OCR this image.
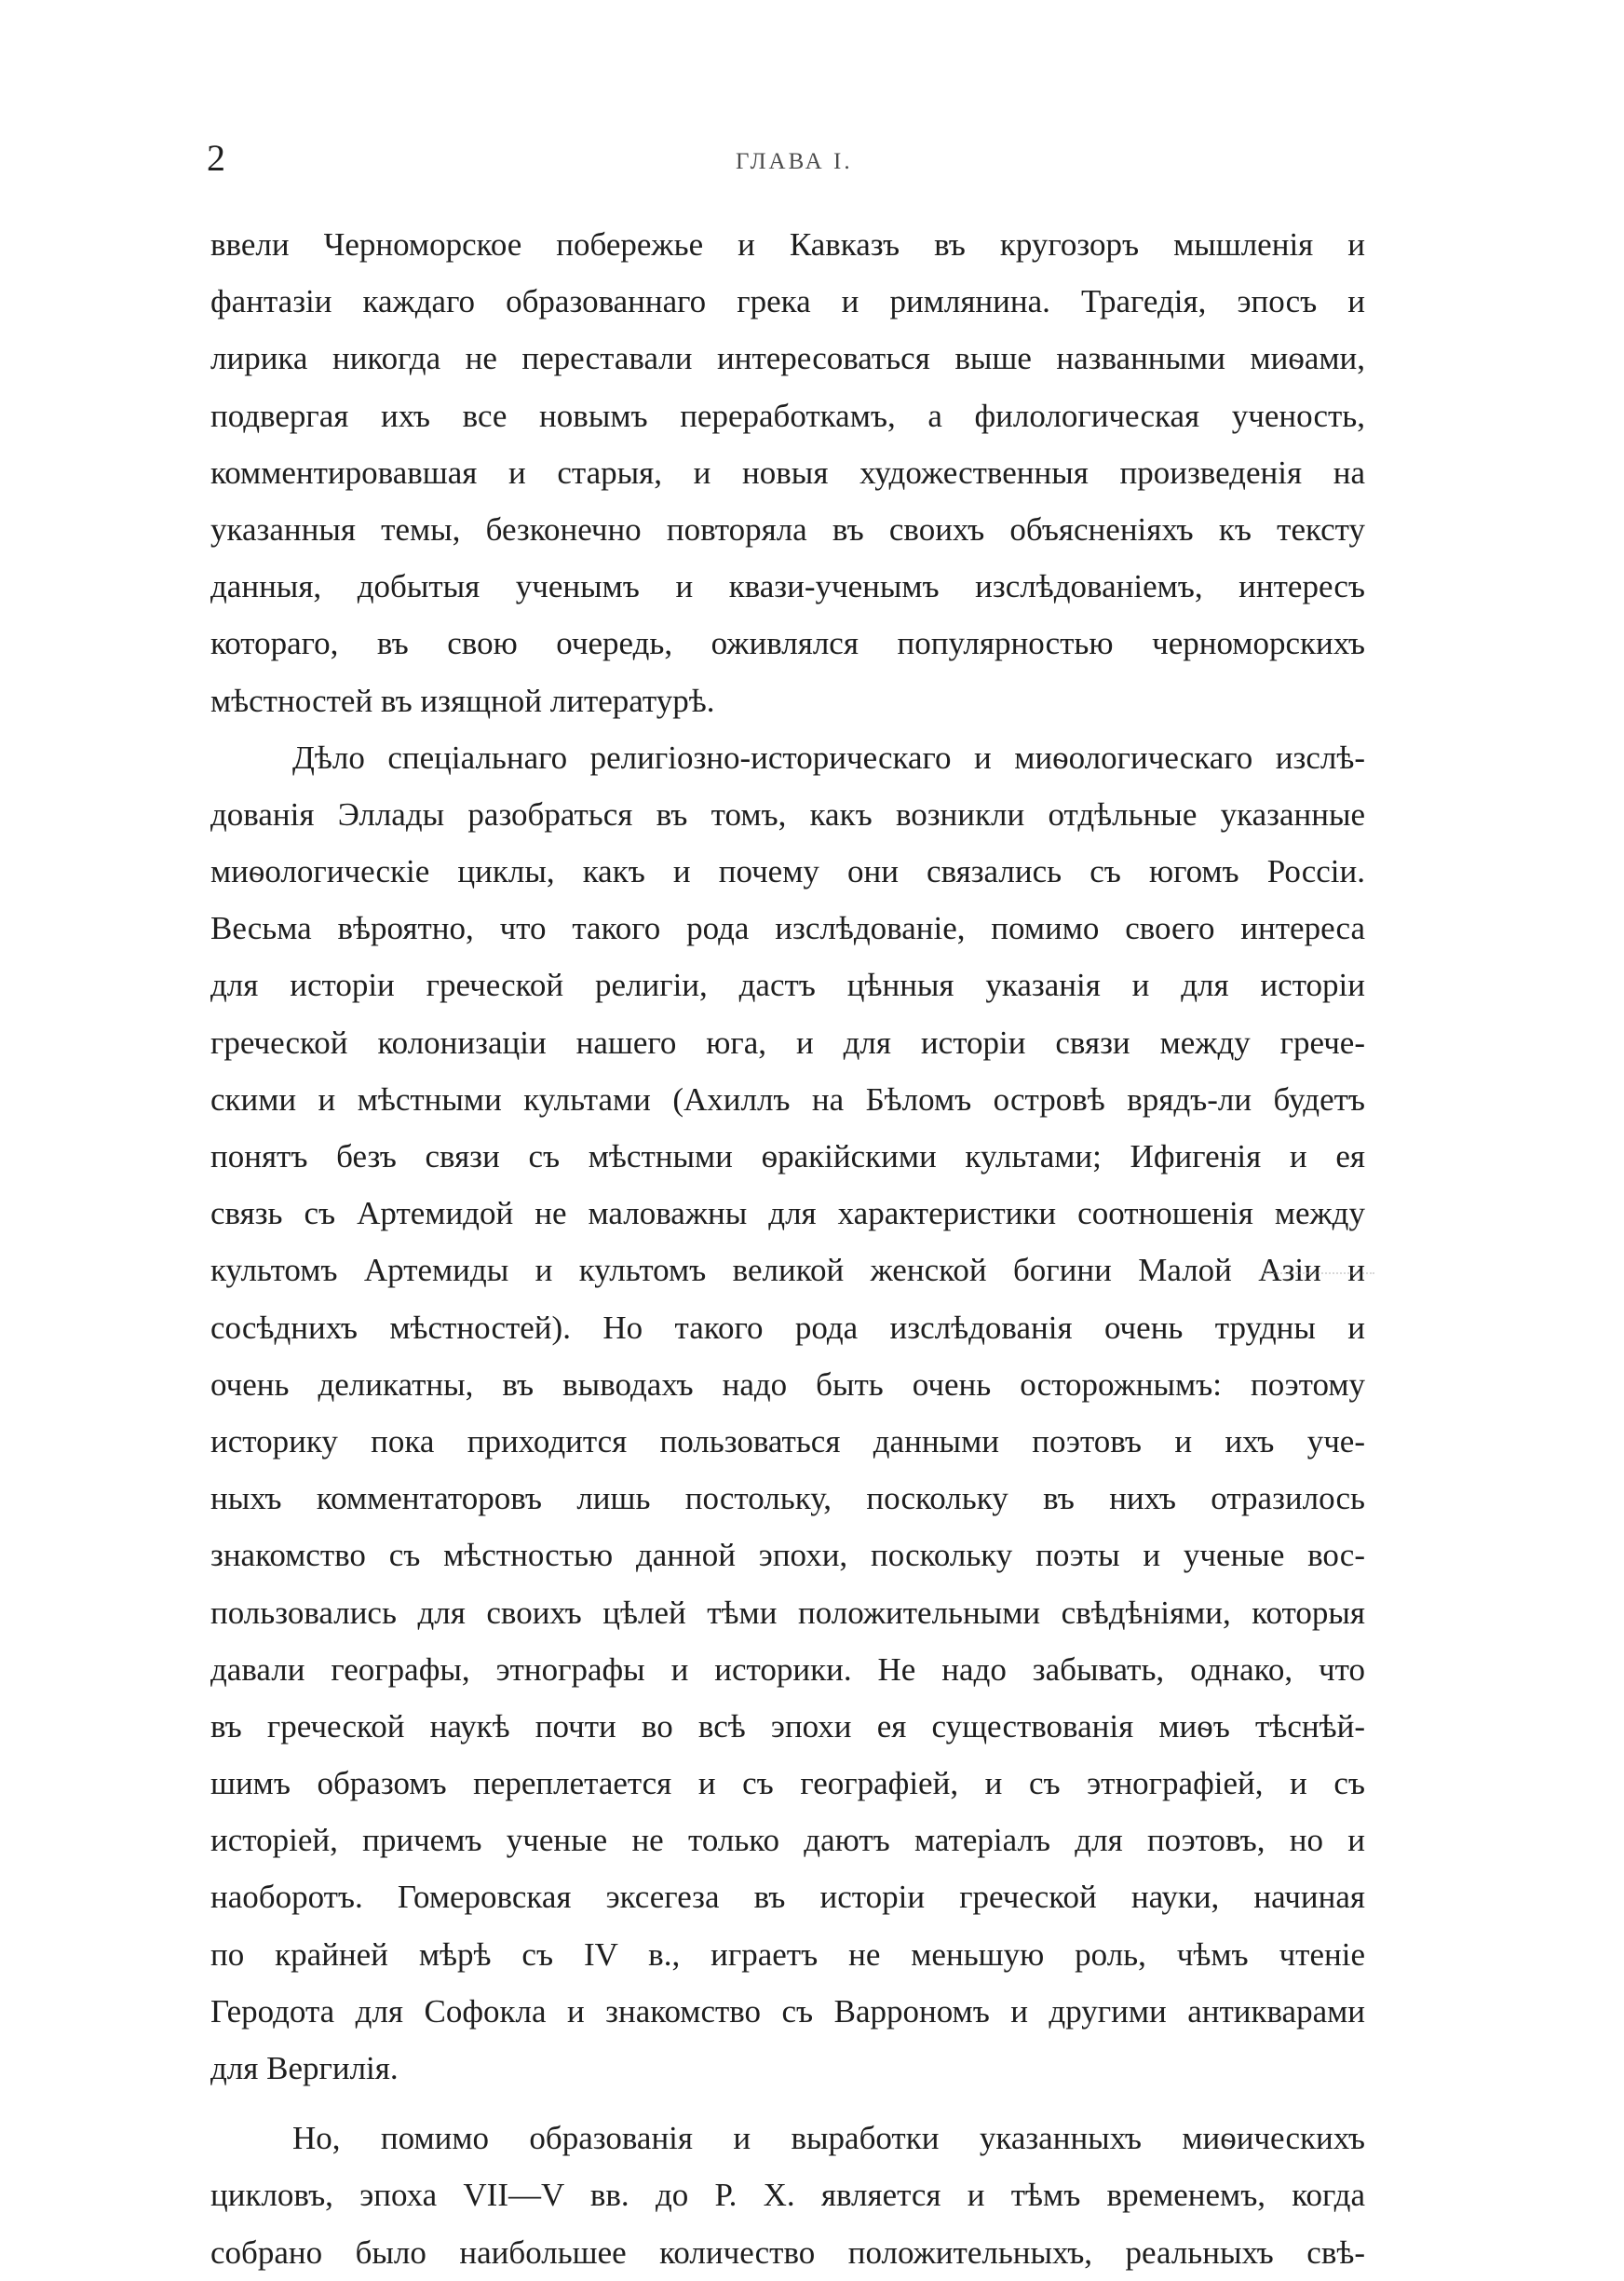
2	ГЛАВА I.
ввели Черноморское побережье и Кавказъ въ кругозоръ мышленія и
фантазіи каждаго образованнаго грека и римлянина. Трагедія, эпосъ и
лирика никогда не переставали интересоваться выше названными миѳами,
подвергая ихъ все новымъ переработкамъ, а филологическая ученость,
комментировавшая и старыя, и новыя художественныя произведенія на
указанныя темы, безконечно повторяла въ своихъ объясненіяхъ къ тексту
данныя, добытыя ученымъ и квази-ученымъ изслѣдованіемъ, интересъ
котораго, въ свою очередь, оживлялся популярностью черноморскихъ
мѣстностей въ изящной литературѣ.
Дѣло спеціальнаго религіозно-историческаго и миѳологическаго изслѣ-
дованія Эллады разобраться въ томъ, какъ возникли отдѣльные указанные
миѳологическіе циклы, какъ и почему они связались съ югомъ Россіи.
Весьма вѣроятно, что такого рода изслѣдованіе, помимо своего интереса
для исторіи греческой религіи, дастъ цѣнныя указанія и для исторіи
греческой колонизаціи нашего юга, и для исторіи связи между грече-
скими и мѣстными культами (Ахиллъ на Бѣломъ островѣ врядъ-ли будетъ
понятъ безъ связи съ мѣстными ѳракійскими культами; Ифигенія и ея
связь съ Артемидой не маловажны для характеристики соотношенія между
культомъ Артемиды и культомъ великой женской богини Малой Азіи и
сосѣднихъ мѣстностей). Но такого рода изслѣдованія очень трудны и
очень деликатны, въ выводахъ надо быть очень осторожнымъ: поэтому
историку пока приходится пользоваться данными поэтовъ и ихъ уче-
ныхъ комментаторовъ лишь постольку, поскольку въ нихъ отразилось
знакомство съ мѣстностью данной эпохи, поскольку поэты и ученые вос-
пользовались для своихъ цѣлей тѣми положительными свѣдѣніями, которыя
давали географы, этнографы и историки. Не надо забывать, однако, что
въ греческой наукѣ почти во всѣ эпохи ея существованія миѳъ тѣснѣй-
шимъ образомъ переплетается и съ географіей, и съ этнографіей, и съ
исторіей, причемъ ученые не только даютъ матеріалъ для поэтовъ, но и
наоборотъ. Гомеровская эксегеза въ исторіи греческой науки, начиная
по крайней мѣрѣ съ IV в., играетъ не меньшую роль, чѣмъ чтеніе
Геродота для Софокла и знакомство съ Варрономъ и другими антикварами
для Вергилія.
Но, помимо образованія и выработки указанныхъ миѳическихъ
цикловъ, эпоха VII—V вв. до Р. Х. является и тѣмъ временемъ, когда
собрано было наибольшее количество положительныхъ, реальныхъ свѣ-
